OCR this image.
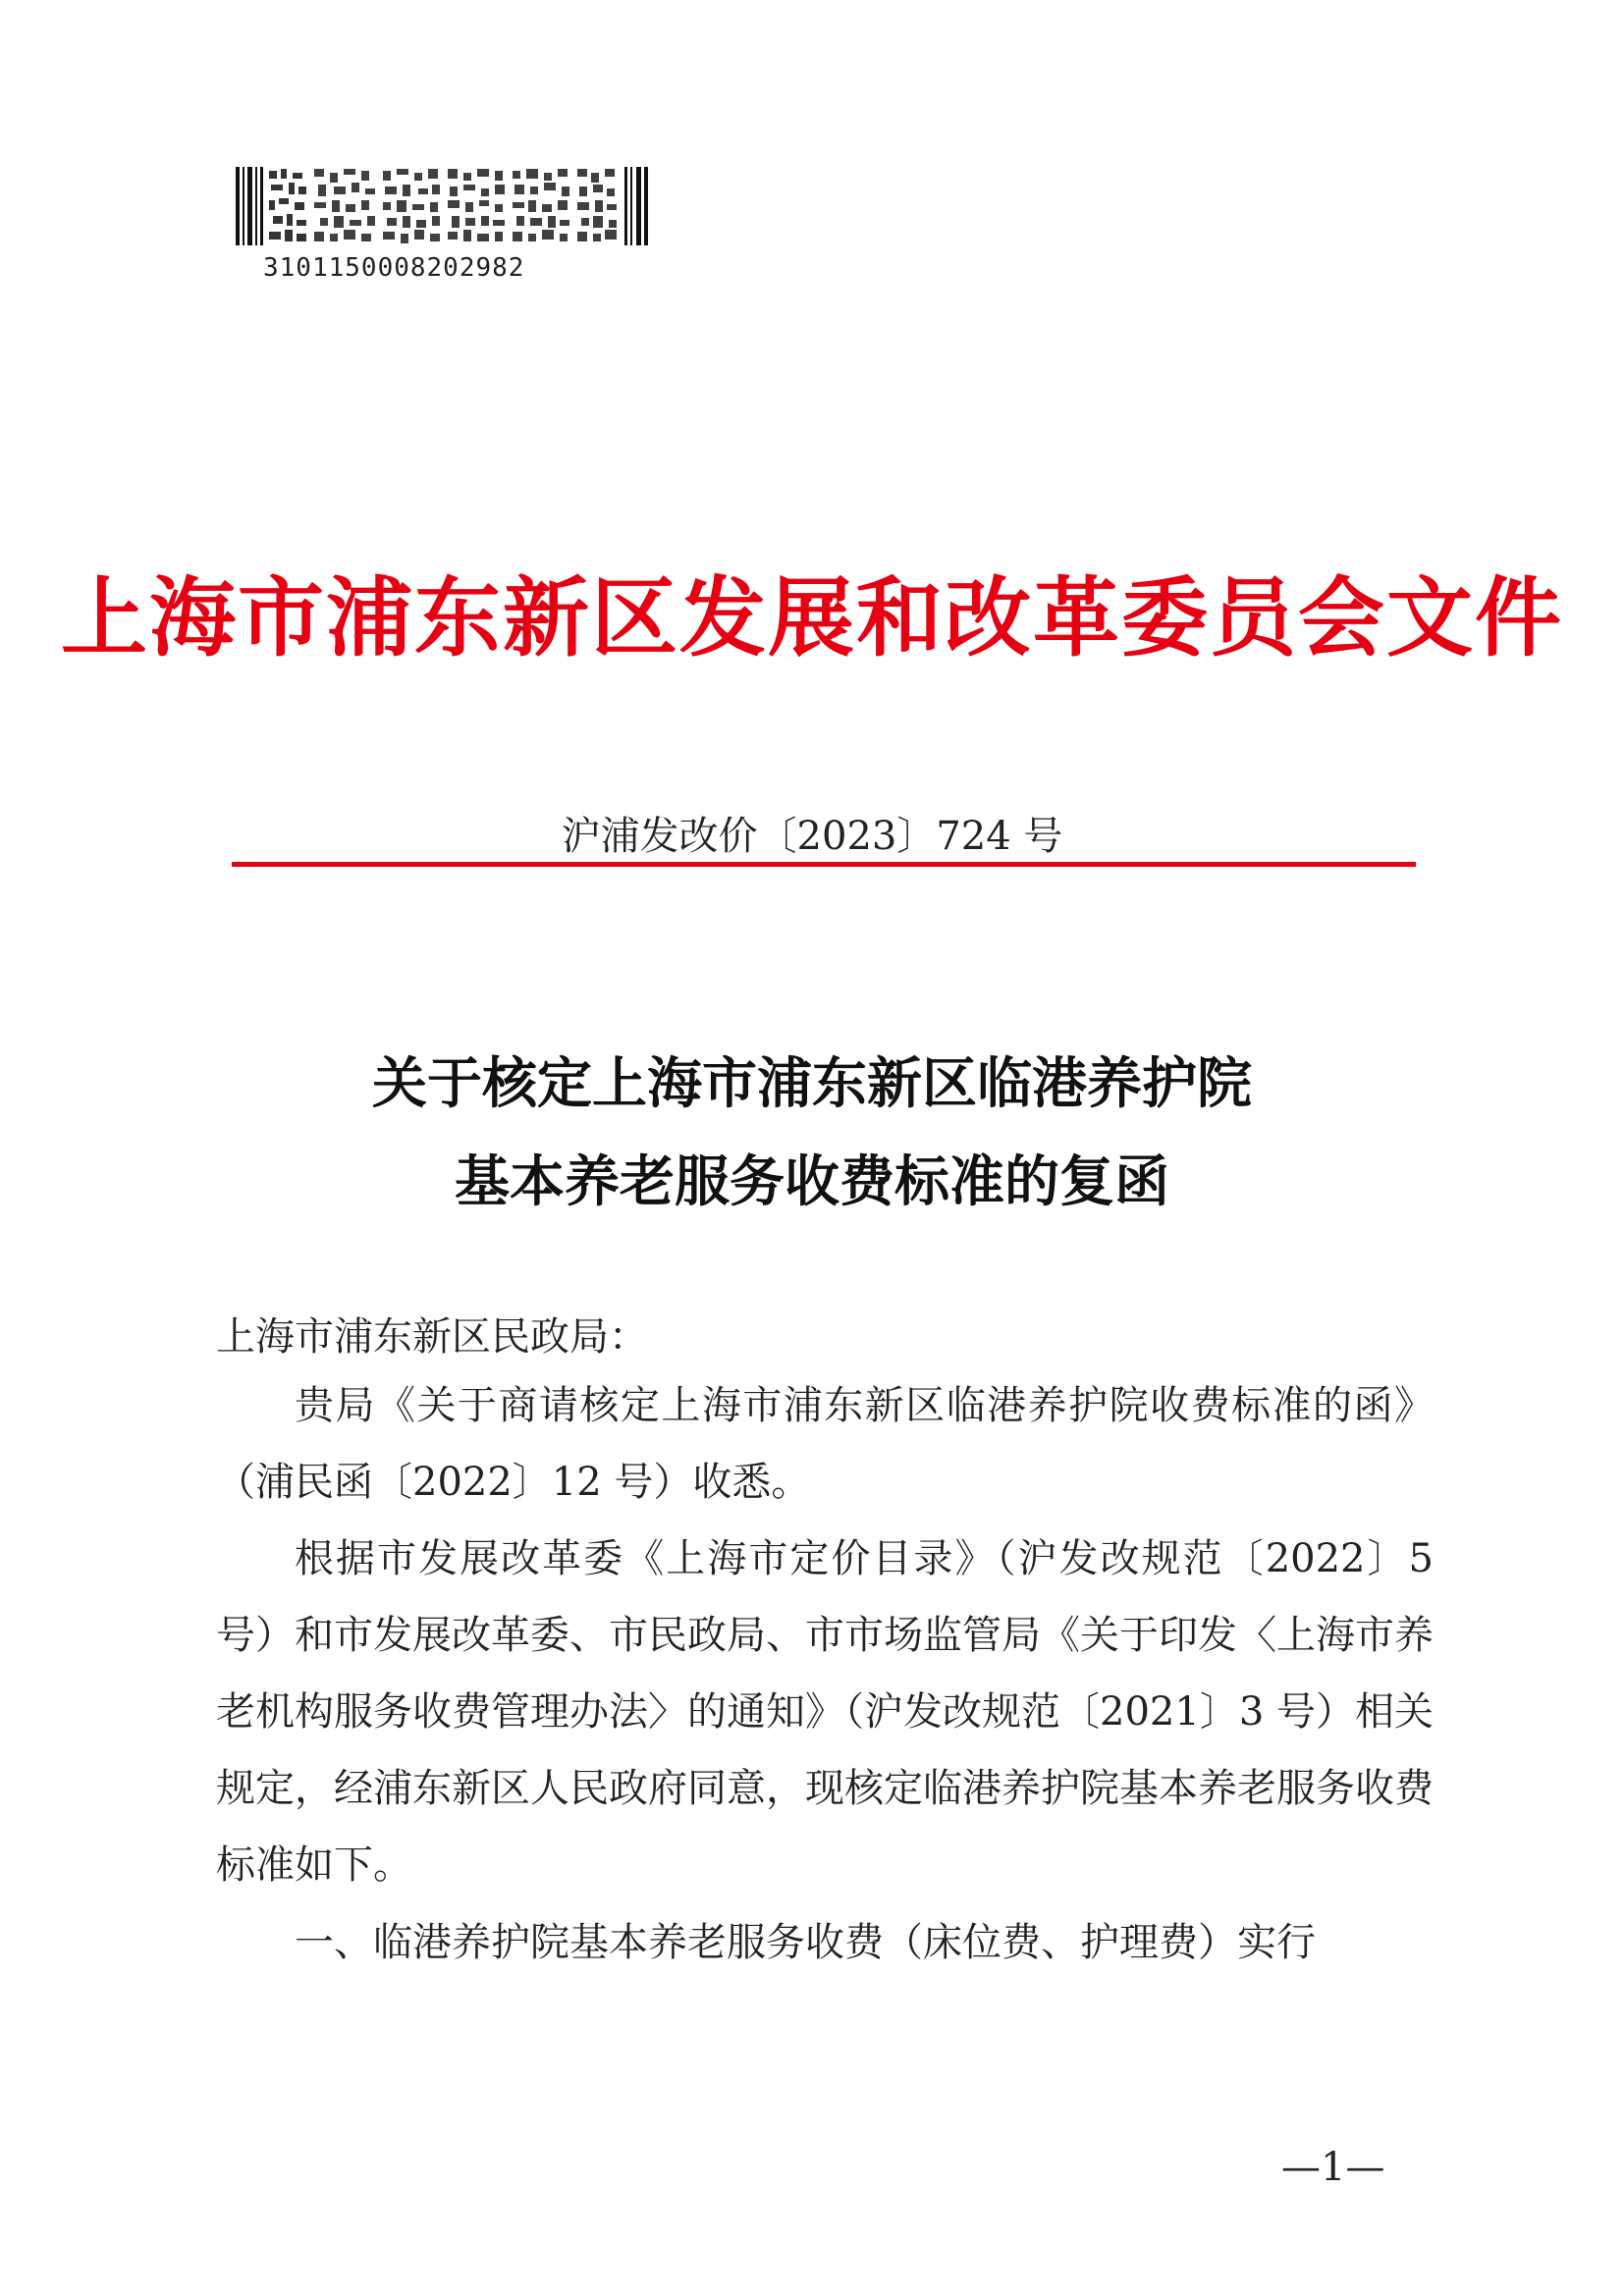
3101150008202982
上海市浦东新区发展和改革委员会文件
沪浦发改价〔2023〕724 号
关于核定上海市浦东新区临港养护院
基本养老服务收费标准的复函
上海市浦东新区民政局：

贵局《关于商请核定上海市浦东新区临港养护院收费标准的函》（浦民函〔2022〕12 号）收悉。

根据市发展改革委《上海市定价目录》（沪发改规范〔2022〕5 号）和市发展改革委、市民政局、市市场监管局《关于印发〈上海市养老机构服务收费管理办法〉的通知》（沪发改规范〔2021〕3 号）相关规定，经浦东新区人民政府同意，现核定临港养护院基本养老服务收费标准如下。

一、临港养护院基本养老服务收费（床位费、护理费）实行

—1—
